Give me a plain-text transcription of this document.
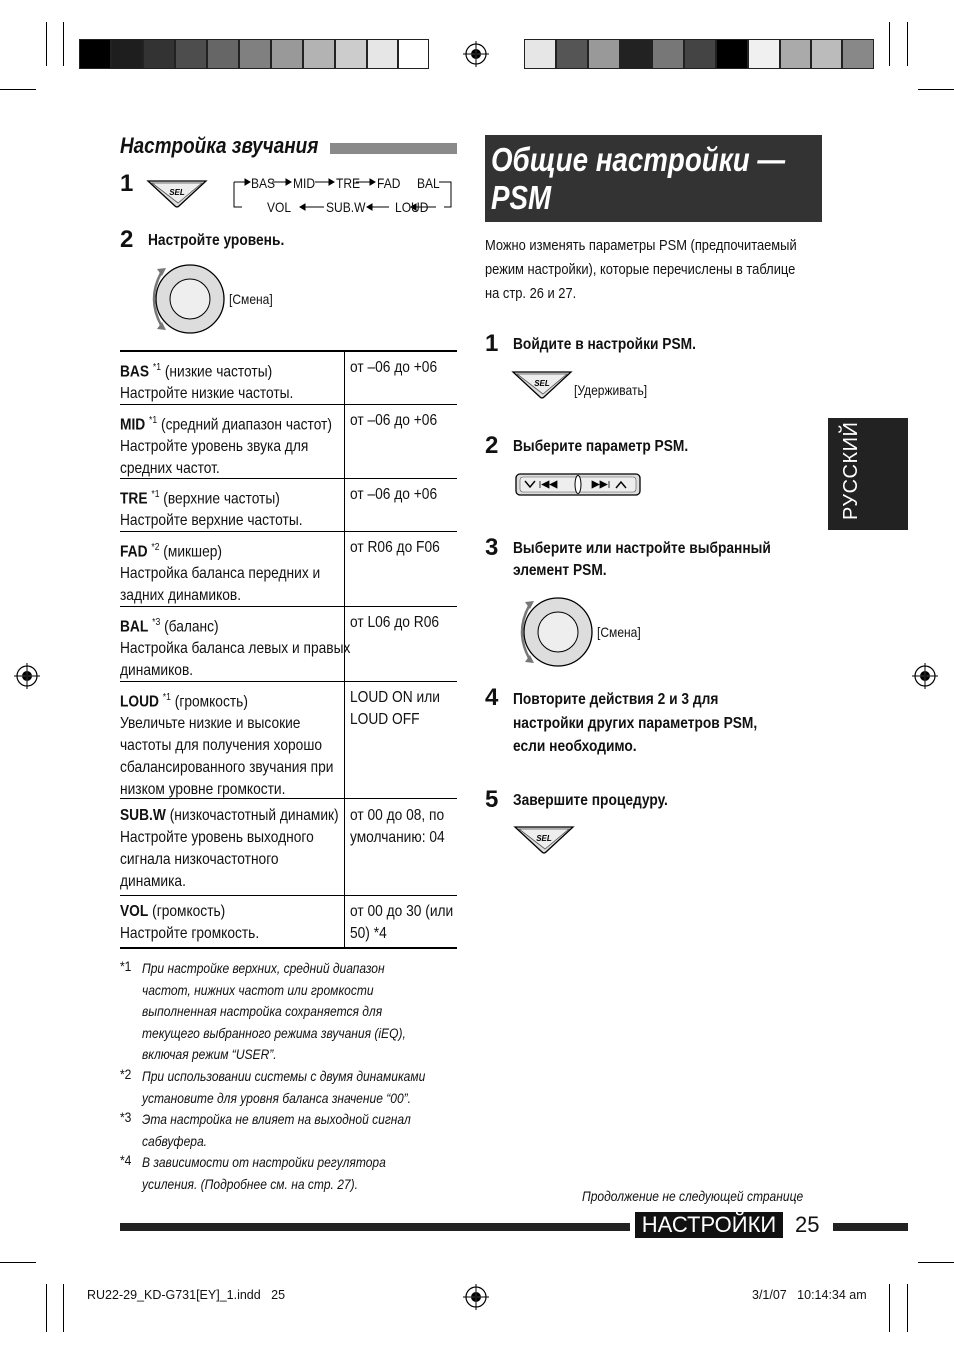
Настройка звучания
1	SEL
BAS MID TRE FAD BAL
VOL SUB.W LOUD
2 Настройте уровень.
[Смена]
BAS $^{*1}$ (низкие частоты)
Настройте низкие частоты.
от –06 до +06
MID $^{*1}$ (средний диапазон частот)
Настройте уровень звука для
средних частот.
от –06 до +06
TRE $^{*1}$ (верхние частоты)
Настройте верхние частоты.
от –06 до +06
FAD $^{*2}$ (микшер)
Настройка баланса передних и
задних динамиков.
от R06 до F06
BAL $^{*3}$ (баланс)
Настройка баланса левых и правых
динамиков.
от L06 до R06
LOUD $^{*1}$ (громкость)
Увеличьте низкие и высокие
частоты для получения хорошо
сбалансированного звучания при
низком уровне громкости.
LOUD ON или
LOUD OFF
SUB.W (низкочастотный динамик)
Настройте уровень выходного
сигнала низкочастотного
динамика.
от 00 до 08, по
умолчанию: 04
VOL (громкость)
Настройте громкость.
от 00 до 30 (или
50) *4
*1 При настройке верхних, средний диапазон
частот, нижних частот или громкости
выполненная настройка сохраняется для
текущего выбранного режима звучания (iEQ),
включая режим “USER”.
*2 При использовании системы с двумя динамиками
установите для уровня баланса значение “00”.
*3 Эта настройка не влияет на выходной сигнал
сабвуфера.
*4 В зависимости от настройки регулятора
усиления. (Подробнее см. на стр. 27).
Общие настройки —
PSM
Можно изменять параметры PSM (предпочитаемый
режим настройки), которые перечислены в таблице
на стр. 26 и 27.
1 Войдите в настройки PSM.
SEL [Удерживать]
2 Выберите параметр PSM.
3 Выберите или настройте выбранный
элемент PSM.
[Смена]
4 Повторите действия 2 и 3 для
настройки других параметров PSM,
если необходимо.
5 Завершите процедуру.
SEL
Продолжение не следующей странице
РУССКИЙ
НАСТРОЙКИ 25
RU22-29_KD-G731[EY]_1.indd   25	3/1/07   10:14:34 am
